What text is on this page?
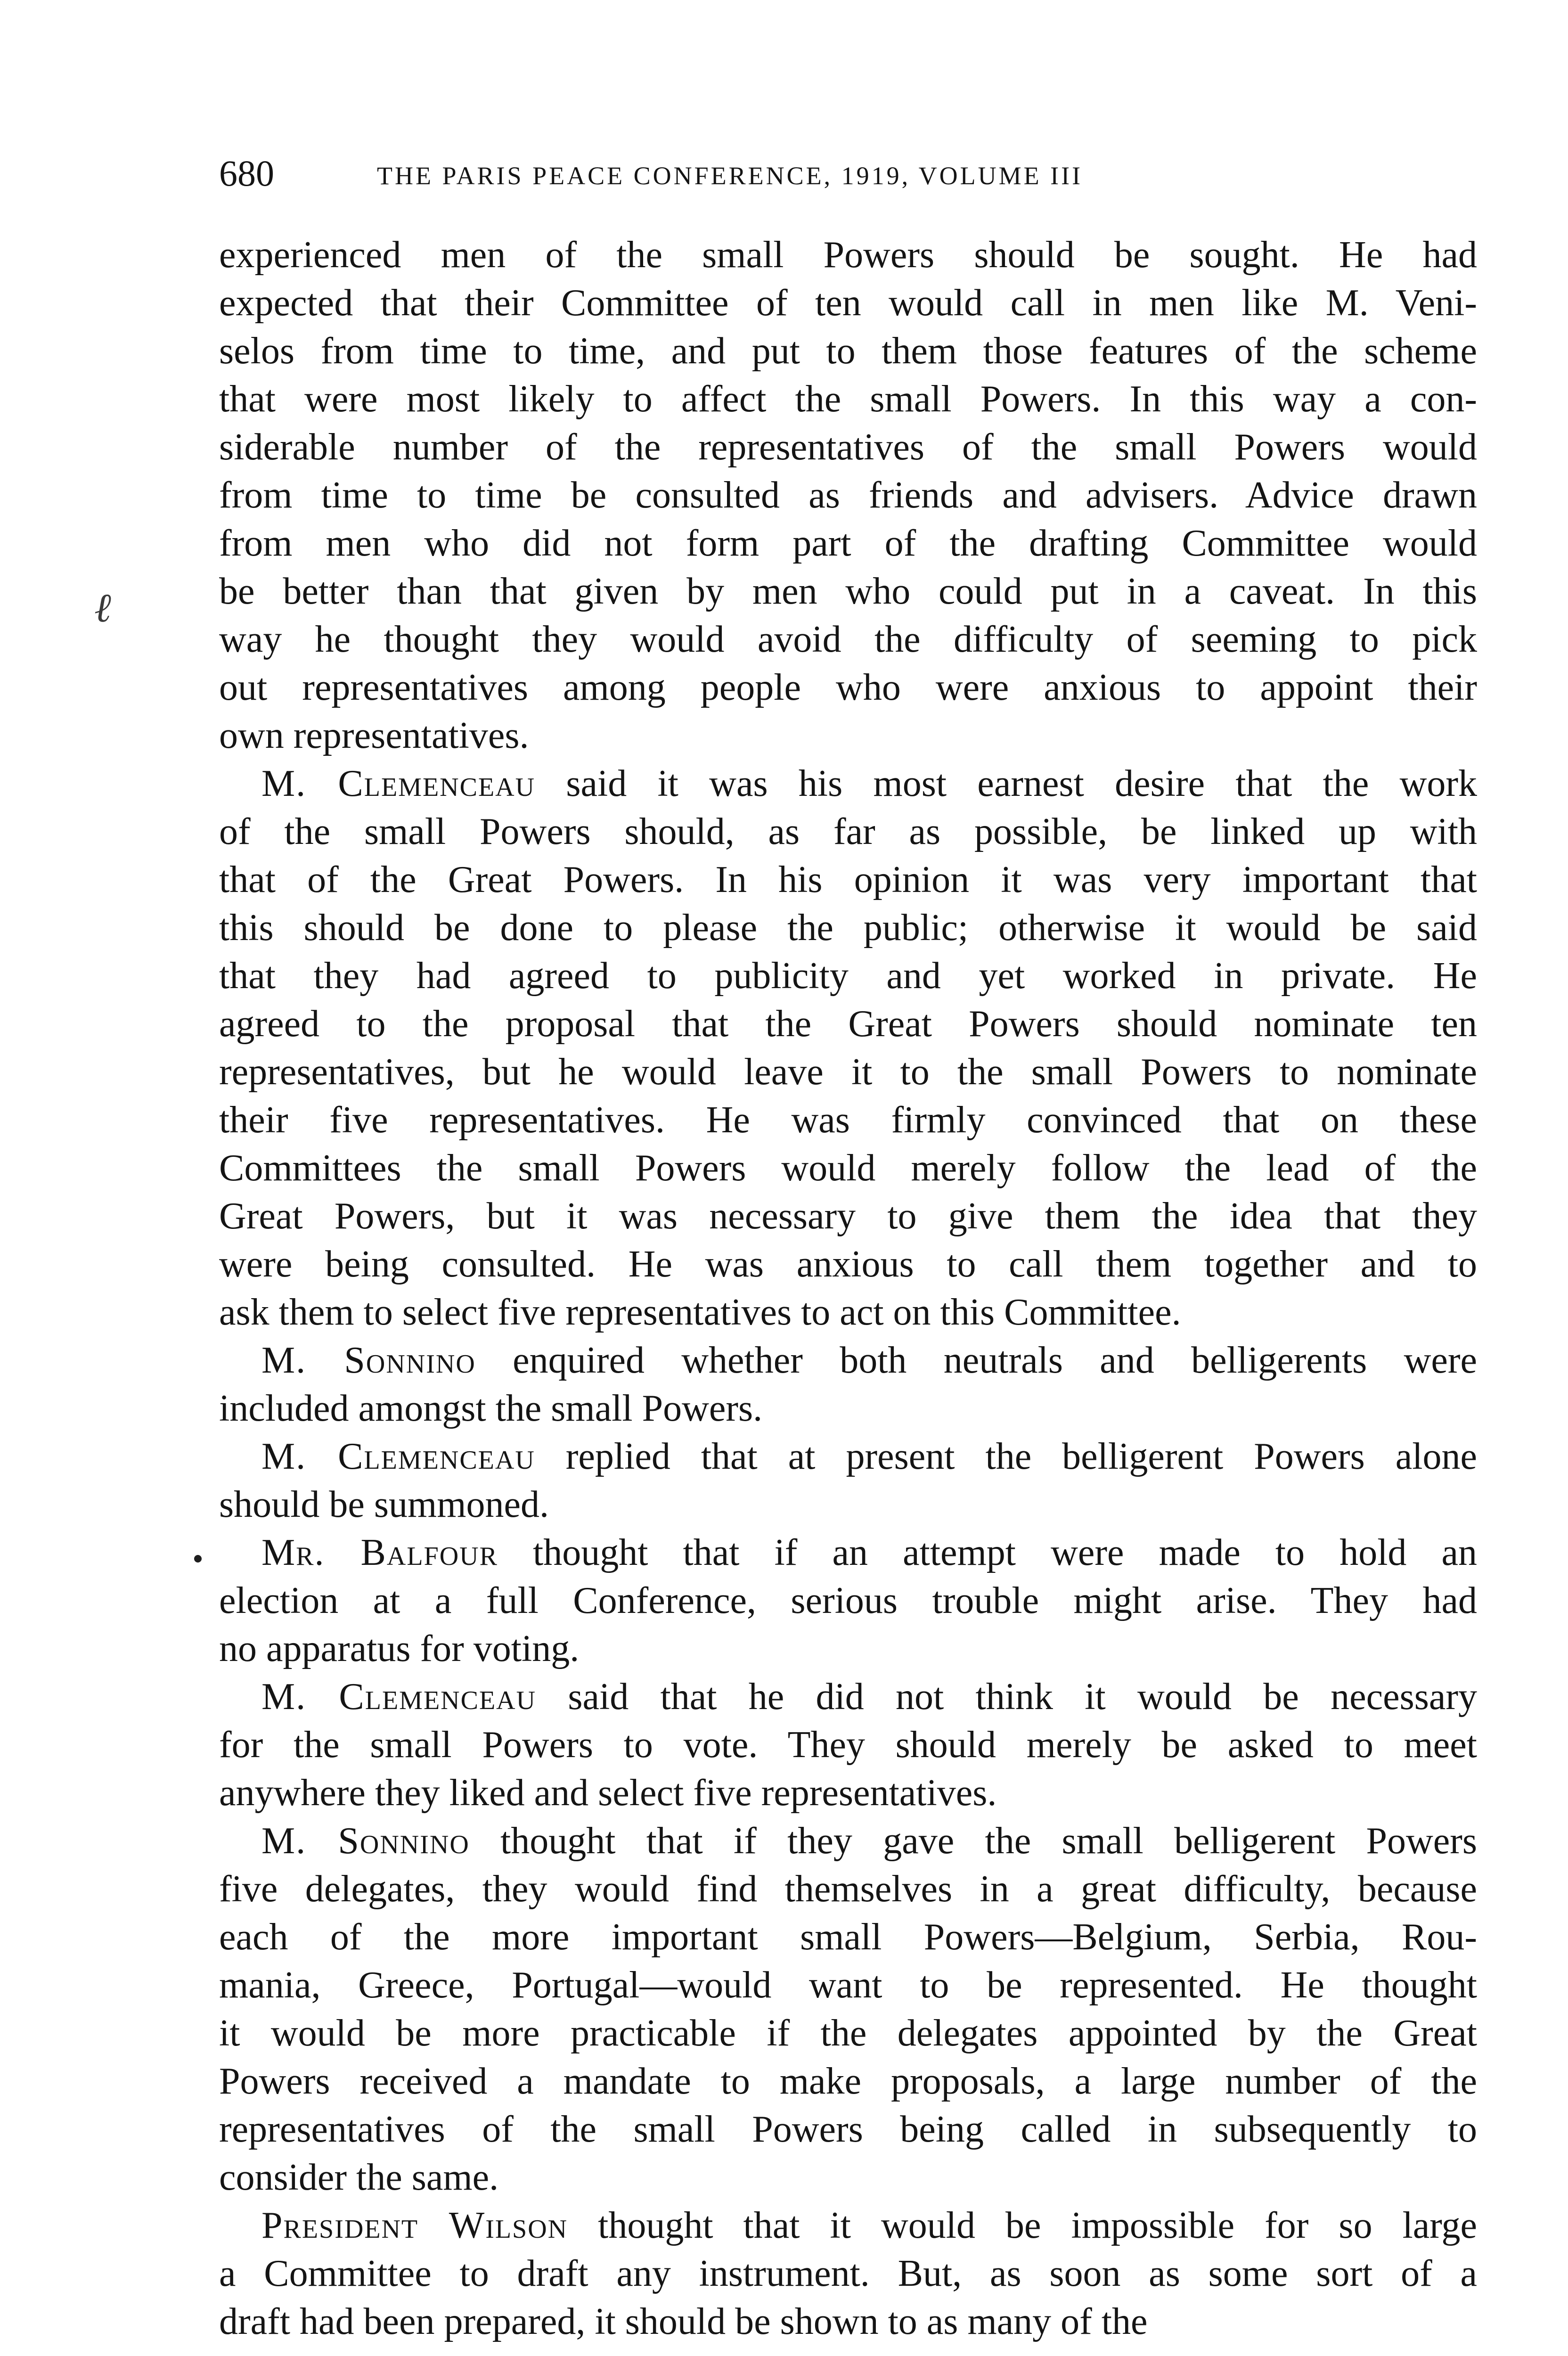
680	THE PARIS PEACE CONFERENCE, 1919, VOLUME III
ℓ
experienced men of the small Powers should be sought. He had
expected that their Committee of ten would call in men like M. Veni-
selos from time to time, and put to them those features of the scheme
that were most likely to affect the small Powers. In this way a con-
siderable number of the representatives of the small Powers would
from time to time be consulted as friends and advisers. Advice drawn
from men who did not form part of the drafting Committee would
be better than that given by men who could put in a caveat. In this
way he thought they would avoid the difficulty of seeming to pick
out representatives among people who were anxious to appoint their
own representatives.
M. Clemenceau said it was his most earnest desire that the work
of the small Powers should, as far as possible, be linked up with
that of the Great Powers. In his opinion it was very important that
this should be done to please the public; otherwise it would be said
that they had agreed to publicity and yet worked in private. He
agreed to the proposal that the Great Powers should nominate ten
representatives, but he would leave it to the small Powers to nominate
their five representatives. He was firmly convinced that on these
Committees the small Powers would merely follow the lead of the
Great Powers, but it was necessary to give them the idea that they
were being consulted. He was anxious to call them together and to
ask them to select five representatives to act on this Committee.
M. Sonnino enquired whether both neutrals and belligerents were
included amongst the small Powers.
M. Clemenceau replied that at present the belligerent Powers alone
should be summoned.
Mr. Balfour thought that if an attempt were made to hold an
election at a full Conference, serious trouble might arise. They had
no apparatus for voting.
M. Clemenceau said that he did not think it would be necessary
for the small Powers to vote. They should merely be asked to meet
anywhere they liked and select five representatives.
M. Sonnino thought that if they gave the small belligerent Powers
five delegates, they would find themselves in a great difficulty, because
each of the more important small Powers—Belgium, Serbia, Rou-
mania, Greece, Portugal—would want to be represented. He thought
it would be more practicable if the delegates appointed by the Great
Powers received a mandate to make proposals, a large number of the
representatives of the small Powers being called in subsequently to
consider the same.
President Wilson thought that it would be impossible for so large
a Committee to draft any instrument. But, as soon as some sort of a
draft had been prepared, it should be shown to as many of the
